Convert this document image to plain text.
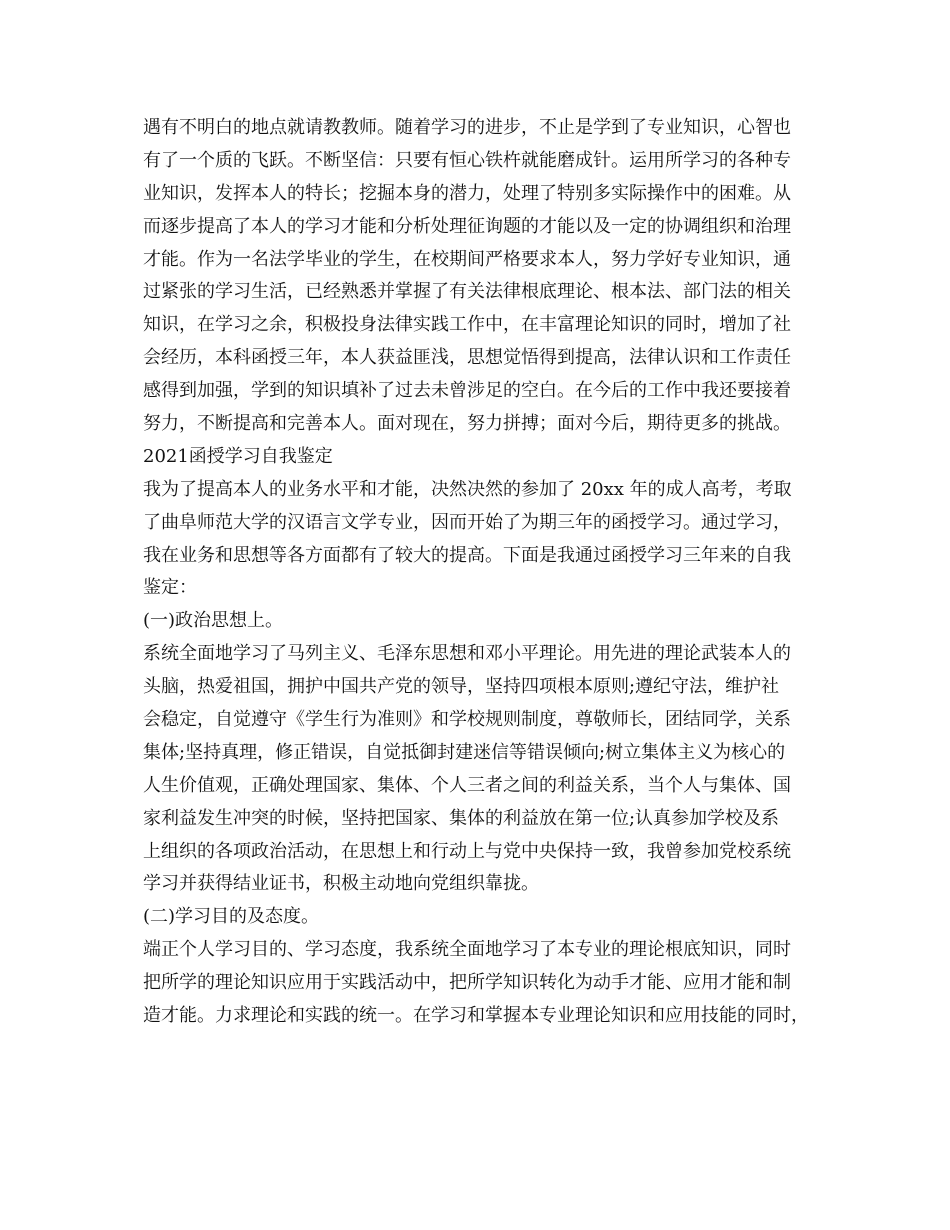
遇有不明白的地点就请教教师。随着学习的进步，不止是学到了专业知识，心智也
有了一个质的飞跃。不断坚信：只要有恒心铁杵就能磨成针。运用所学习的各种专
业知识，发挥本人的特长；挖掘本身的潜力，处理了特别多实际操作中的困难。从
而逐步提高了本人的学习才能和分析处理征询题的才能以及一定的协调组织和治理
才能。作为一名法学毕业的学生，在校期间严格要求本人，努力学好专业知识，通
过紧张的学习生活，已经熟悉并掌握了有关法律根底理论、根本法、部门法的相关
知识，在学习之余，积极投身法律实践工作中，在丰富理论知识的同时，增加了社
会经历，本科函授三年，本人获益匪浅，思想觉悟得到提高，法律认识和工作责任
感得到加强，学到的知识填补了过去未曾涉足的空白。在今后的工作中我还要接着
努力，不断提高和完善本人。面对现在，努力拼搏；面对今后，期待更多的挑战。
2021函授学习自我鉴定
我为了提高本人的业务水平和才能，决然决然的参加了 20xx 年的成人高考，考取
了曲阜师范大学的汉语言文学专业，因而开始了为期三年的函授学习。通过学习，
我在业务和思想等各方面都有了较大的提高。下面是我通过函授学习三年来的自我
鉴定：
(一)政治思想上。
系统全面地学习了马列主义、毛泽东思想和邓小平理论。用先进的理论武装本人的
头脑，热爱祖国，拥护中国共产党的领导，坚持四项根本原则;遵纪守法，维护社
会稳定，自觉遵守《学生行为准则》和学校规则制度，尊敬师长，团结同学，关系
集体;坚持真理，修正错误，自觉抵御封建迷信等错误倾向;树立集体主义为核心的
人生价值观，正确处理国家、集体、个人三者之间的利益关系，当个人与集体、国
家利益发生冲突的时候，坚持把国家、集体的利益放在第一位;认真参加学校及系
上组织的各项政治活动，在思想上和行动上与党中央保持一致，我曾参加党校系统
学习并获得结业证书，积极主动地向党组织靠拢。
(二)学习目的及态度。
端正个人学习目的、学习态度，我系统全面地学习了本专业的理论根底知识，同时
把所学的理论知识应用于实践活动中，把所学知识转化为动手才能、应用才能和制
造才能。力求理论和实践的统一。在学习和掌握本专业理论知识和应用技能的同时，
